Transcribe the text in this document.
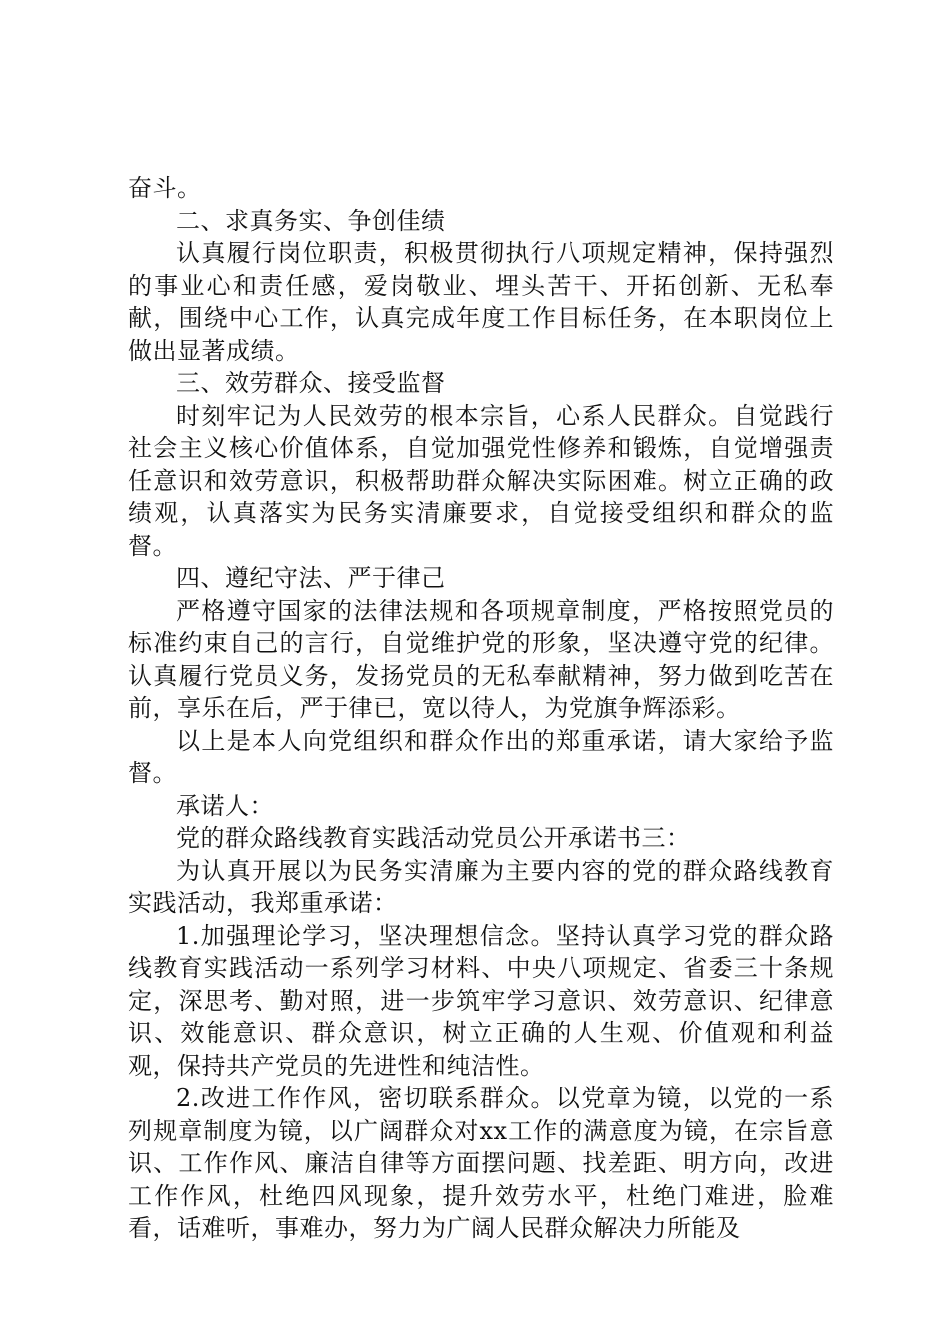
奋斗。

二、求真务实、争创佳绩

认真履行岗位职责，积极贯彻执行八项规定精神，保持强烈的事业心和责任感，爱岗敬业、埋头苦干、开拓创新、无私奉献，围绕中心工作，认真完成年度工作目标任务，在本职岗位上做出显著成绩。

三、效劳群众、接受监督

时刻牢记为人民效劳的根本宗旨，心系人民群众。自觉践行社会主义核心价值体系，自觉加强党性修养和锻炼，自觉增强责任意识和效劳意识，积极帮助群众解决实际困难。树立正确的政绩观，认真落实为民务实清廉要求，自觉接受组织和群众的监督。

四、遵纪守法、严于律己

严格遵守国家的法律法规和各项规章制度，严格按照党员的标准约束自己的言行，自觉维护党的形象，坚决遵守党的纪律。认真履行党员义务，发扬党员的无私奉献精神，努力做到吃苦在前，享乐在后，严于律已，宽以待人，为党旗争辉添彩。

以上是本人向党组织和群众作出的郑重承诺，请大家给予监督。

承诺人：

党的群众路线教育实践活动党员公开承诺书三：

为认真开展以为民务实清廉为主要内容的党的群众路线教育实践活动，我郑重承诺：

1.加强理论学习，坚决理想信念。坚持认真学习党的群众路线教育实践活动一系列学习材料、中央八项规定、省委三十条规定，深思考、勤对照，进一步筑牢学习意识、效劳意识、纪律意识、效能意识、群众意识，树立正确的人生观、价值观和利益观，保持共产党员的先进性和纯洁性。

2.改进工作作风，密切联系群众。以党章为镜，以党的一系列规章制度为镜，以广阔群众对xx工作的满意度为镜，在宗旨意识、工作作风、廉洁自律等方面摆问题、找差距、明方向，改进工作作风，杜绝四风现象，提升效劳水平，杜绝门难进，脸难看，话难听，事难办，努力为广阔人民群众解决力所能及
